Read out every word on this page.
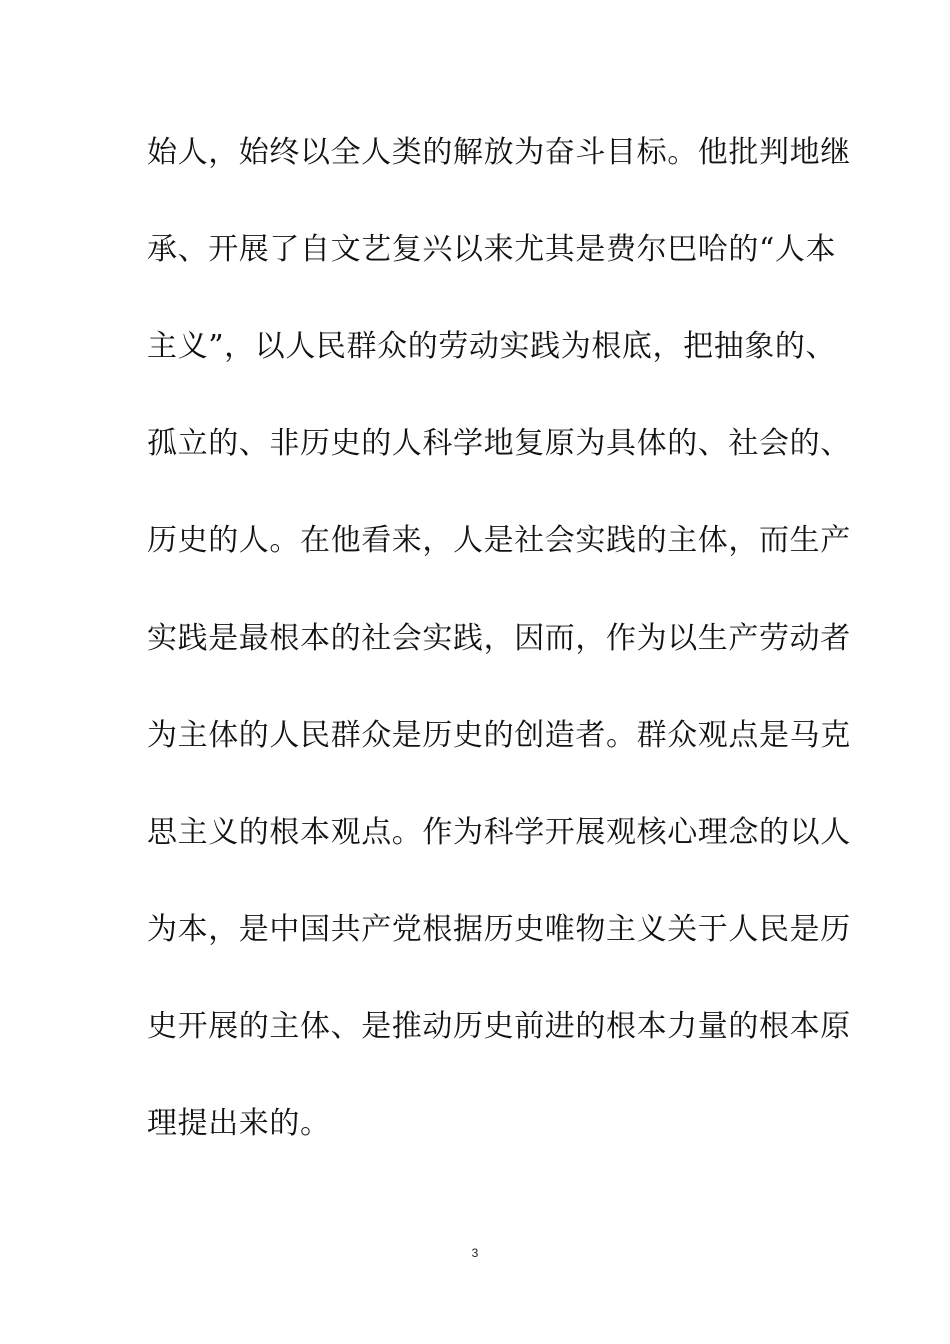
始人，始终以全人类的解放为奋斗目标。他批判地继
承、开展了自文艺复兴以来尤其是费尔巴哈的“人本
主义”，以人民群众的劳动实践为根底，把抽象的、
孤立的、非历史的人科学地复原为具体的、社会的、
历史的人。在他看来，人是社会实践的主体，而生产
实践是最根本的社会实践，因而，作为以生产劳动者
为主体的人民群众是历史的创造者。群众观点是马克
思主义的根本观点。作为科学开展观核心理念的以人
为本，是中国共产党根据历史唯物主义关于人民是历
史开展的主体、是推动历史前进的根本力量的根本原
理提出来的。
3
